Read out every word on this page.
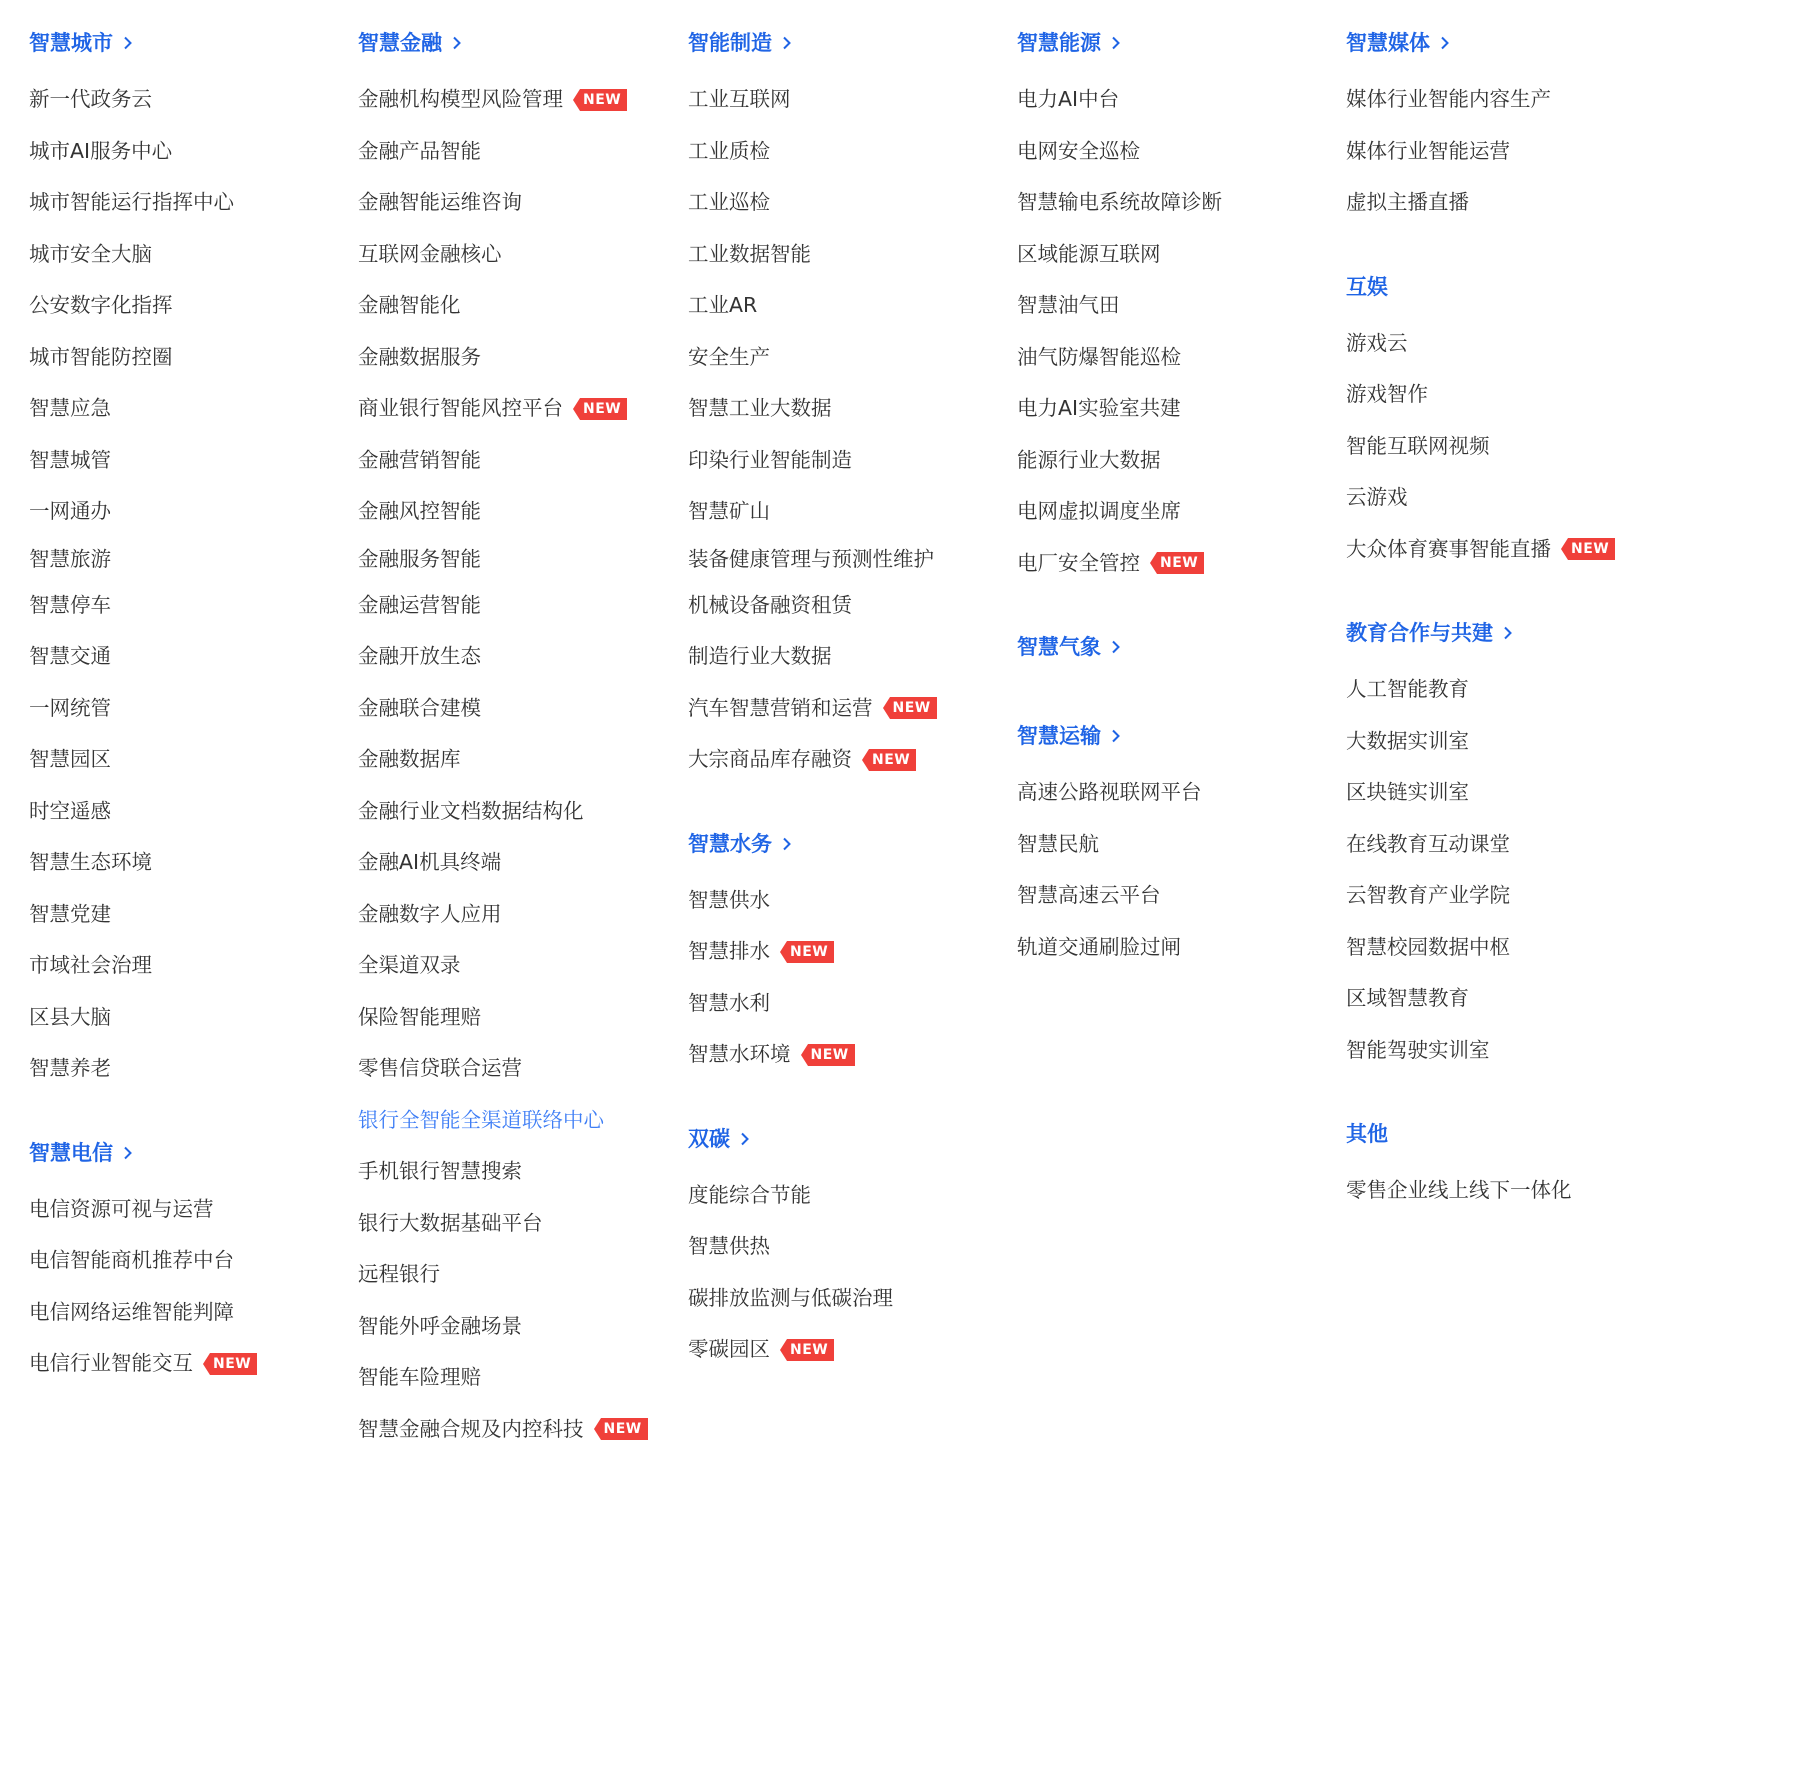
智慧城市
新一代政务云
城市AI服务中心
城市智能运行指挥中心
城市安全大脑
公安数字化指挥
城市智能防控圈
智慧应急
智慧城管
一网通办
智慧旅游
智慧停车
智慧交通
一网统管
智慧园区
时空遥感
智慧生态环境
智慧党建
市域社会治理
区县大脑
智慧养老
智慧电信
电信资源可视与运营
电信智能商机推荐中台
电信网络运维智能判障
电信行业智能交互 NEW
智慧金融
金融机构模型风险管理 NEW
金融产品智能
金融智能运维咨询
互联网金融核心
金融智能化
金融数据服务
商业银行智能风控平台 NEW
金融营销智能
金融风控智能
金融服务智能
金融运营智能
金融开放生态
金融联合建模
金融数据库
金融行业文档数据结构化
金融AI机具终端
金融数字人应用
全渠道双录
保险智能理赔
零售信贷联合运营
银行全智能全渠道联络中心
手机银行智慧搜索
银行大数据基础平台
远程银行
智能外呼金融场景
智能车险理赔
智慧金融合规及内控科技 NEW
智能制造
工业互联网
工业质检
工业巡检
工业数据智能
工业AR
安全生产
智慧工业大数据
印染行业智能制造
智慧矿山
装备健康管理与预测性维护
机械设备融资租赁
制造行业大数据
汽车智慧营销和运营 NEW
大宗商品库存融资 NEW
智慧水务
智慧供水
智慧排水 NEW
智慧水利
智慧水环境 NEW
双碳
度能综合节能
智慧供热
碳排放监测与低碳治理
零碳园区 NEW
智慧能源
电力AI中台
电网安全巡检
智慧输电系统故障诊断
区域能源互联网
智慧油气田
油气防爆智能巡检
电力AI实验室共建
能源行业大数据
电网虚拟调度坐席
电厂安全管控 NEW
智慧气象
智慧运输
高速公路视联网平台
智慧民航
智慧高速云平台
轨道交通刷脸过闸
智慧媒体
媒体行业智能内容生产
媒体行业智能运营
虚拟主播直播
互娱
游戏云
游戏智作
智能互联网视频
云游戏
大众体育赛事智能直播 NEW
教育合作与共建
人工智能教育
大数据实训室
区块链实训室
在线教育互动课堂
云智教育产业学院
智慧校园数据中枢
区域智慧教育
智能驾驶实训室
其他
零售企业线上线下一体化
